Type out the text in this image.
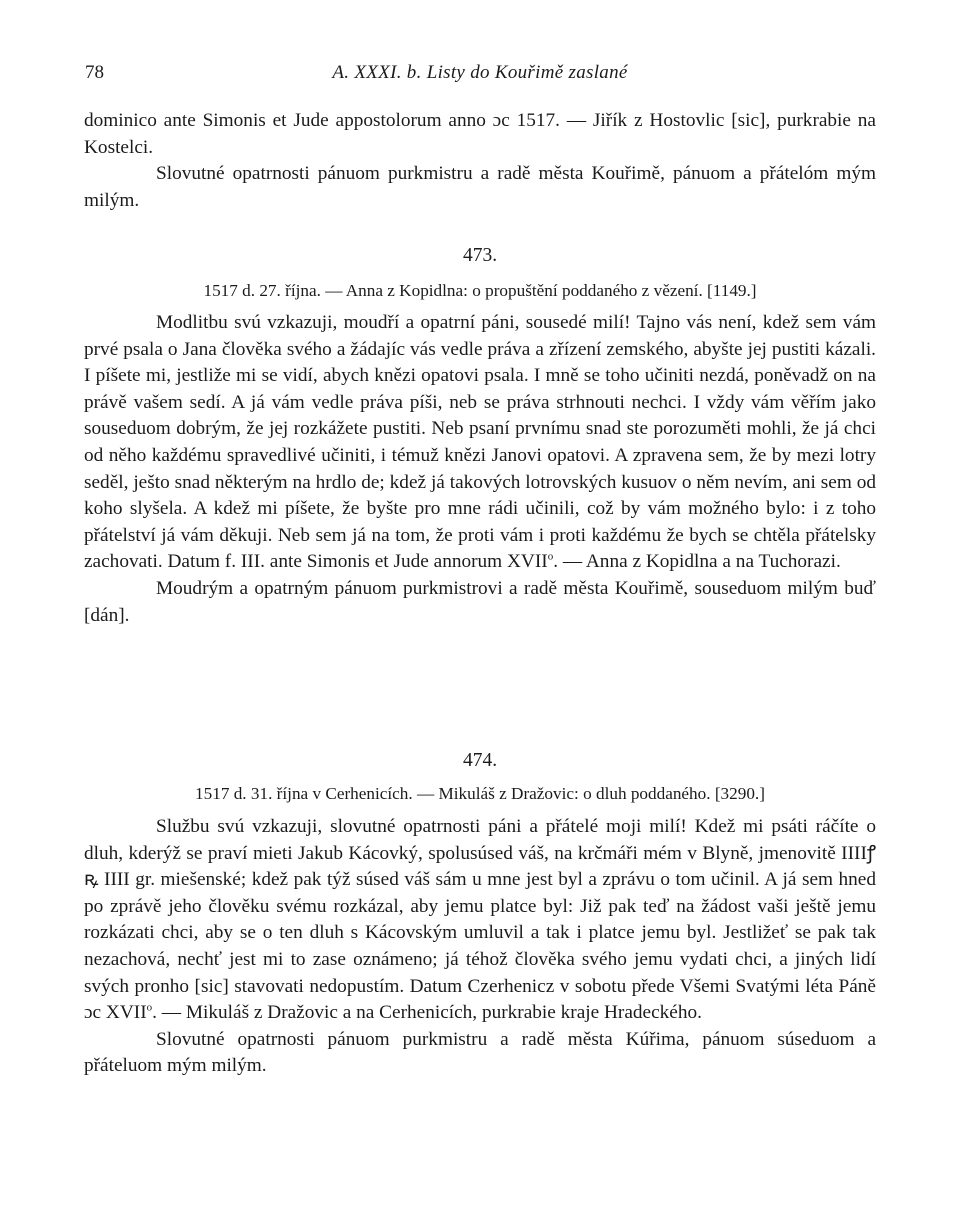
78	A. XXXI. b. Listy do Kouřimě zaslané

dominico ante Simonis et Jude appostolorum anno ɔc 1517. — Jiřík z Hostovlic [sic], purkrabie na Kostelci.

Slovutné opatrnosti pánuom purkmistru a radě města Kouřimě, pánuom a přátelóm mým milým.

473.
1517 d. 27. října. — Anna z Kopidlna: o propuštění poddaného z vězení. [1149.]

Modlitbu svú vzkazuji, moudří a opatrní páni, sousedé milí! Tajno vás není, kdež sem vám prvé psala o Jana člověka svého a žádajíc vás vedle práva a zřízení zemského, abyšte jej pustiti kázali. I píšete mi, jestliže mi se vidí, abych knězi opatovi psala. I mně se toho učiniti nezdá, poněvadž on na právě vašem sedí. A já vám vedle práva píši, neb se práva strhnouti nechci. I vždy vám věřím jako souseduom dobrým, že jej rozkážete pustiti. Neb psaní prvnímu snad ste porozuměti mohli, že já chci od něho každému spravedlivé učiniti, i témuž knězi Janovi opatovi. A zpravena sem, že by mezi lotry seděl, ješto snad některým na hrdlo de; kdež já takových lotrovských kusuov o něm nevím, ani sem od koho slyšela. A kdež mi píšete, že byšte pro mne rádi učinili, což by vám možného bylo: i z toho přátelství já vám děkuji. Neb sem já na tom, že proti vám i proti každému že bych se chtěla přátelsky zachovati. Datum f. III. ante Simonis et Jude annorum XVII$^o$. — Anna z Kopidlna a na Tuchorazi.

Moudrým a opatrným pánuom purkmistrovi a radě města Kouřimě, souseduom milým buď [dán].

474.
1517 d. 31. října v Cerhenicích. — Mikuláš z Dražovic: o dluh poddaného. [3290.]

Službu svú vzkazuji, slovutné opatrnosti páni a přátelé moji milí! Kdež mi psáti ráčíte o dluh, kderýž se praví mieti Jakub Kácovký, spolusúsed váš, na krčmáři mém v Blyně, jmenovitě IIIIꝭ ꝶ IIII gr. miešenské; kdež pak týž súsed váš sám u mne jest byl a zprávu o tom učinil. A já sem hned po zprávě jeho člověku svému rozkázal, aby jemu platce byl: Již pak teď na žádost vaši ještě jemu rozkázati chci, aby se o ten dluh s Kácovským umluvil a tak i platce jemu byl. Jestližeť se pak tak nezachová, nechť jest mi to zase oznámeno; já téhož člověka svého jemu vydati chci, a jiných lidí svých pronho [sic] stavovati nedopustím. Datum Czerhenicz v sobotu přede Všemi Svatými léta Páně ɔc XVII$^o$. — Mikuláš z Dražovic a na Cerhenicích, purkrabie kraje Hradeckého.

Slovutné opatrnosti pánuom purkmistru a radě města Kúřima, pánuom súseduom a přáteluom mým milým.
